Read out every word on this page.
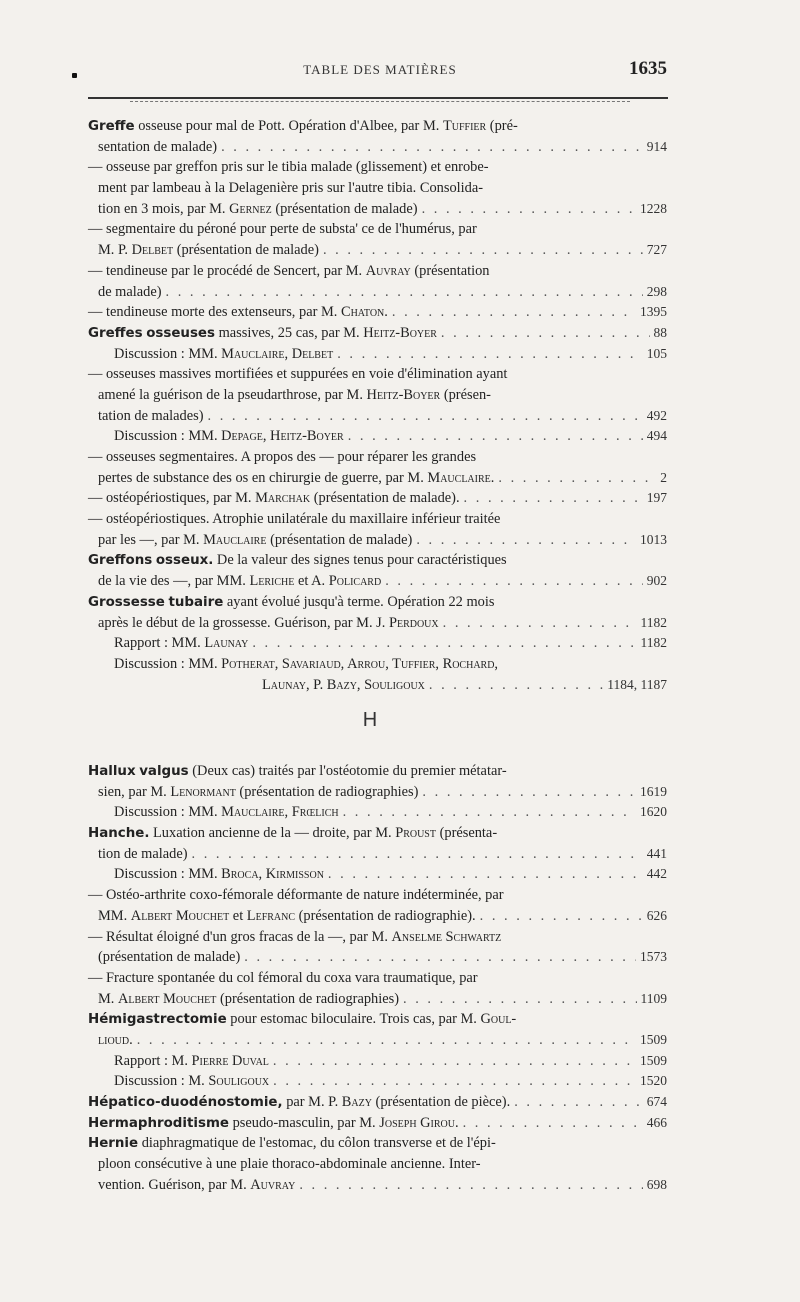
TABLE DES MATIÈRES	1635
Greffe osseuse pour mal de Pott. Opération d'Albee, par M. Tuffier (pré-
sentation de malade) . . .	914
— osseuse par greffon pris sur le tibia malade (glissement) et enrobe-
ment par lambeau à la Delagenière pris sur l'autre tibia. Consolida-
tion en 3 mois, par M. Gernez (présentation de malade) . . .	1228
— segmentaire du péroné pour perte de substa' ce de l'humérus, par
M. P. Delbet (présentation de malade) . . .	727
— tendineuse par le procédé de Sencert, par M. Auvray (présentation
de malade) . . .	298
— tendineuse morte des extenseurs, par M. Chaton. . . .	1395
Greffes osseuses massives, 25 cas, par M. Heitz-Boyer . . .	88
Discussion : MM. Mauclaire, Delbet . . .	105
— osseuses massives mortifiées et suppurées en voie d'élimination ayant
amené la guérison de la pseudarthrose, par M. Heitz-Boyer (présen-
tation de malades) . . .	492
Discussion : MM. Depage, Heitz-Boyer . . .	494
— osseuses segmentaires. A propos des — pour réparer les grandes
pertes de substance des os en chirurgie de guerre, par M. Mauclaire. . . .	2
— ostéopériostiques, par M. Marchak (présentation de malade). . . .	197
— ostéopériostiques. Atrophie unilatérale du maxillaire inférieur traitée
par les —, par M. Mauclaire (présentation de malade) . . .	1013
Greffons osseux. De la valeur des signes tenus pour caractéristiques
de la vie des —, par MM. Leriche et A. Policard . . .	902
Grossesse tubaire ayant évolué jusqu'à terme. Opération 22 mois
après le début de la grossesse. Guérison, par M. J. Perdoux . . .	1182
Rapport : MM. Launay . . .	1182
Discussion : MM. Potherat, Savariaud, Arrou, Tuffier, Rochard,
Launay, P. Bazy, Souligoux . . .	1184, 1187
H
Hallux valgus (Deux cas) traités par l'ostéotomie du premier métatar-
sien, par M. Lenormant (présentation de radiographies) . . .	1619
Discussion : MM. Mauclaire, Frœlich . . .	1620
Hanche. Luxation ancienne de la — droite, par M. Proust (présenta-
tion de malade) . . .	441
Discussion : MM. Broca, Kirmisson . . .	442
— Ostéo-arthrite coxo-fémorale déformante de nature indéterminée, par
MM. Albert Mouchet et Lefranc (présentation de radiographie). . . .	626
— Résultat éloigné d'un gros fracas de la —, par M. Anselme Schwartz
(présentation de malade) . . .	1573
— Fracture spontanée du col fémoral du coxa vara traumatique, par
M. Albert Mouchet (présentation de radiographies) . . .	1109
Hémigastrectomie pour estomac biloculaire. Trois cas, par M. Goul-
lioud. . . .	1509
Rapport : M. Pierre Duval . . .	1509
Discussion : M. Souligoux . . .	1520
Hépatico-duodénostomie, par M. P. Bazy (présentation de pièce). . . .	674
Hermaphroditisme pseudo-masculin, par M. Joseph Girou. . . .	466
Hernie diaphragmatique de l'estomac, du côlon transverse et de l'épi-
ploon consécutive à une plaie thoraco-abdominale ancienne. Inter-
vention. Guérison, par M. Auvray . . .	698
